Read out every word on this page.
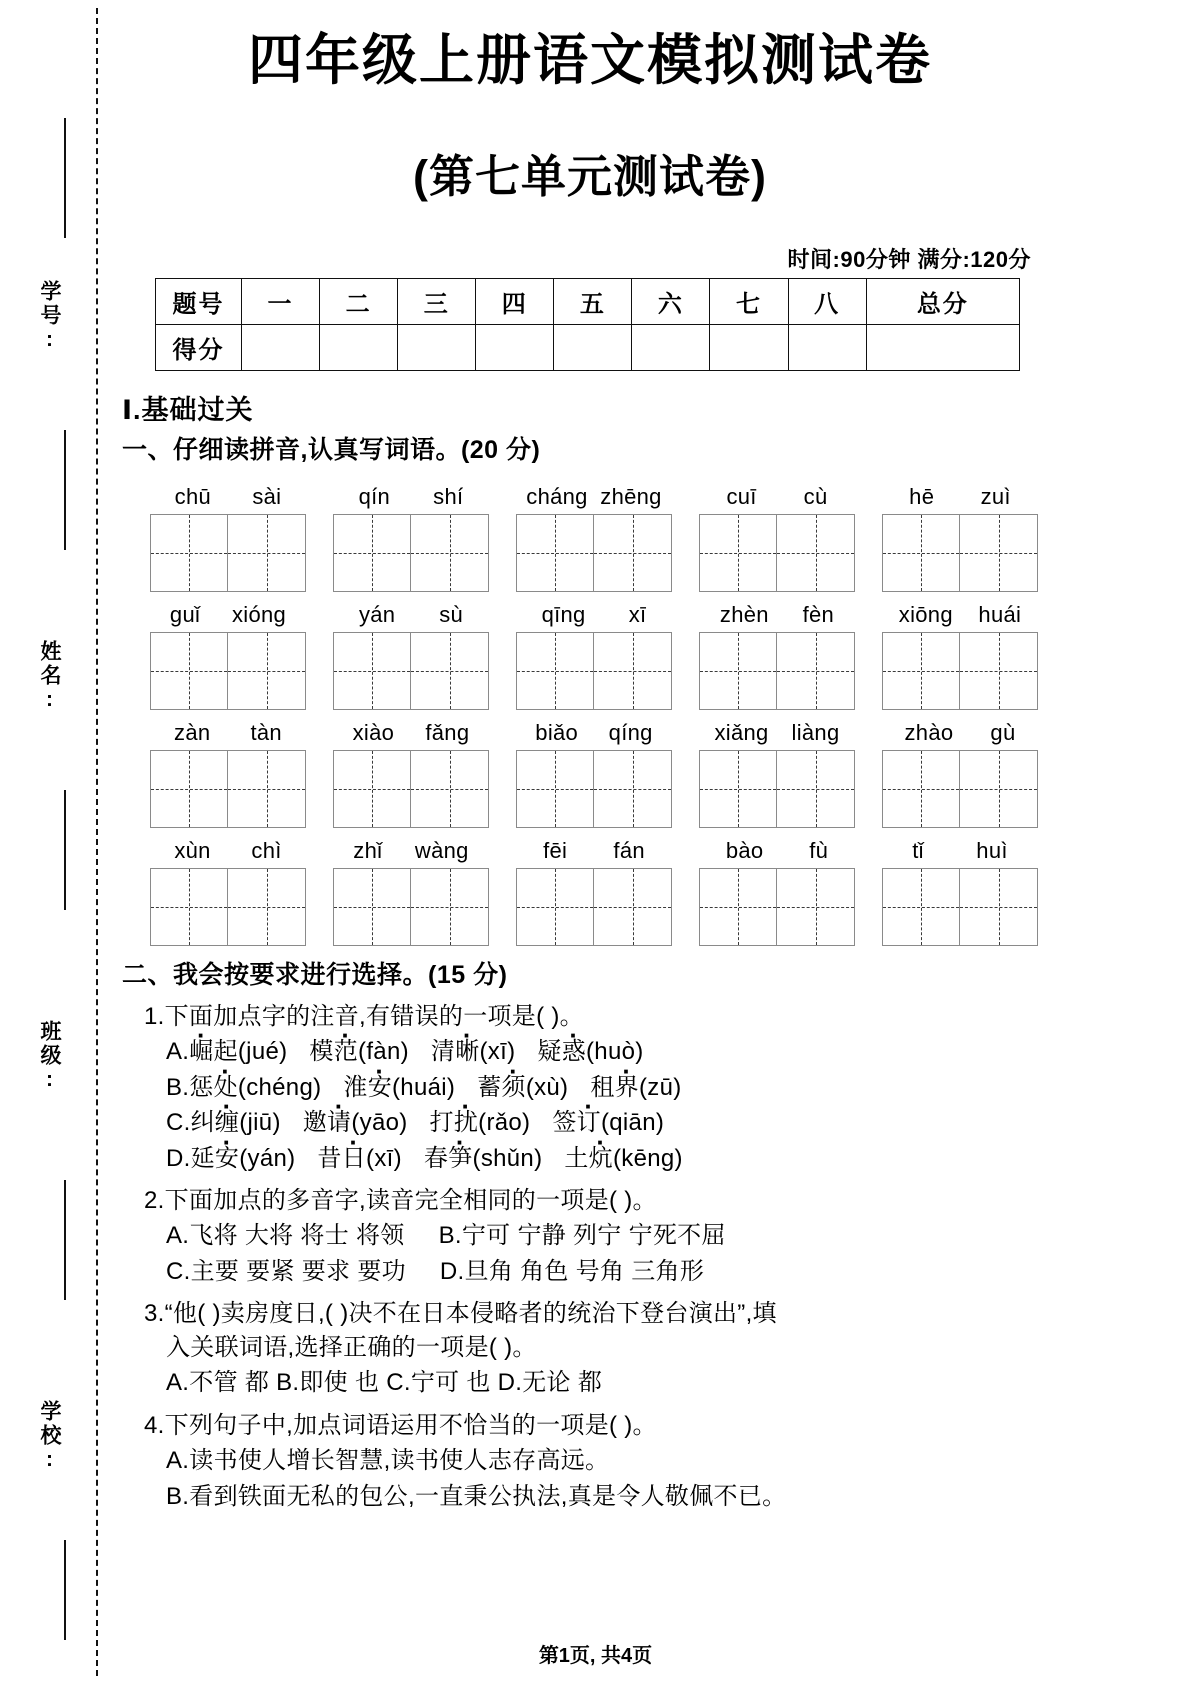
学号:
姓名:
班级:
学校:
四年级上册语文模拟测试卷
(第七单元测试卷)
时间:90分钟 满分:120分
题号	一	二	三	四	五	六	七	八	总分
得分									
Ⅰ.基础过关
一、仔细读拼音,认真写词语。(20 分)
chū sài	qín shí	cháng zhēng	cuī cù	hē zuì
guǐ xióng	yán sù	qīng xī	zhèn fèn	xiōng huái
zàn tàn	xiào fǎng	biǎo qíng	xiǎng liàng	zhào gù
xùn chì	zhǐ wàng	fēi fán	bào fù	tǐ huì
二、我会按要求进行选择。(15 分)
1.下面加点字的注音,有错误的一项是( )。
A.崛起(jué) 模范(fàn) 清晰(xī) 疑惑(huò)
B.惩处(chéng) 淮安(huái) 蓄须(xù) 租界(zū)
C.纠缠(jiū) 邀请(yāo) 打扰(rǎo) 签订(qiān)
D.延安(yán) 昔日(xī) 春笋(shǔn) 土炕(kēng)
2.下面加点的多音字,读音完全相同的一项是( )。
A.飞将 大将 将士 将领 B.宁可 宁静 列宁 宁死不屈
C.主要 要紧 要求 要功 D.旦角 角色 号角 三角形
3.“他( )卖房度日,( )决不在日本侵略者的统治下登台演出”,填
入关联词语,选择正确的一项是( )。
A.不管 都 B.即使 也 C.宁可 也 D.无论 都
4.下列句子中,加点词语运用不恰当的一项是( )。
A.读书使人增长智慧,读书使人志存高远。
B.看到铁面无私的包公,一直秉公执法,真是令人敬佩不已。
第1页, 共4页
